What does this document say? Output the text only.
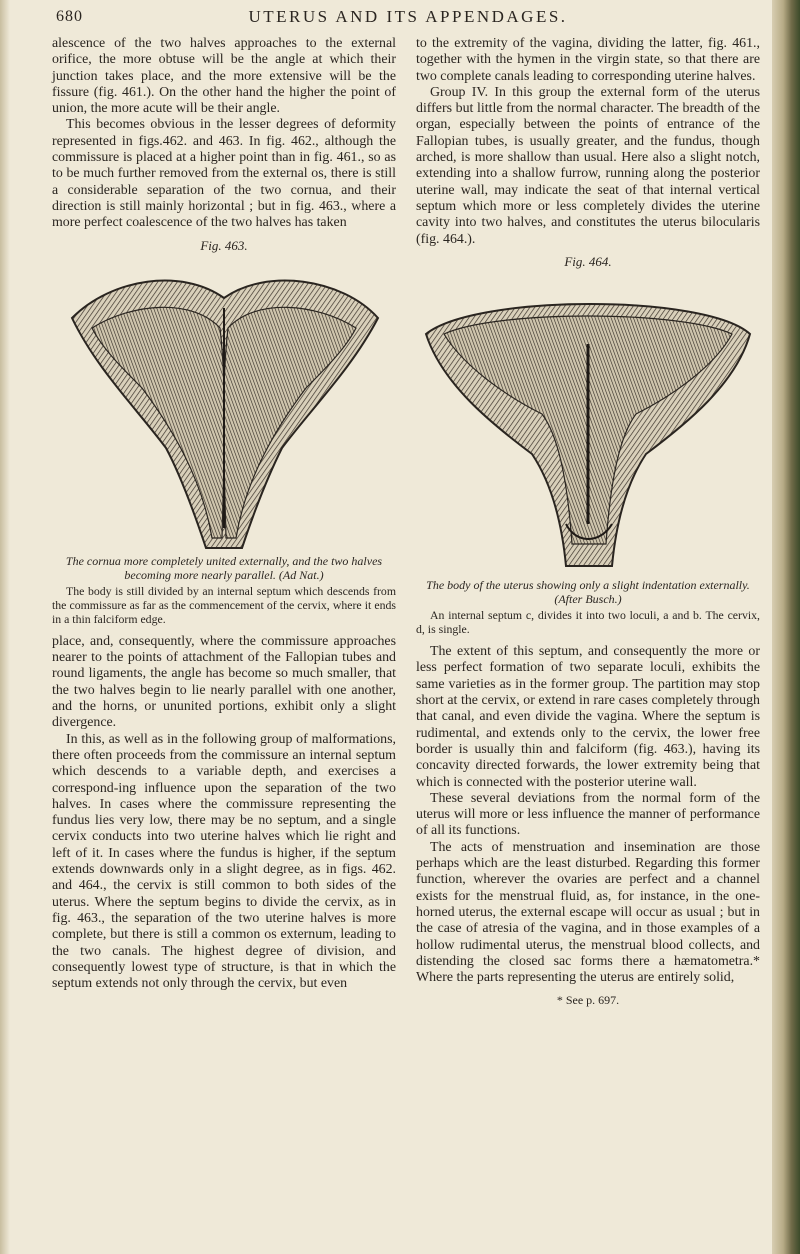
680	UTERUS AND ITS APPENDAGES.

alescence of the two halves approaches to the external orifice, the more obtuse will be the angle at which their junction takes place, and the more extensive will be the fissure (fig. 461.). On the other hand the higher the point of union, the more acute will be their angle.

This becomes obvious in the lesser degrees of deformity represented in figs.462. and 463. In fig. 462., although the commissure is placed at a higher point than in fig. 461., so as to be much further removed from the external os, there is still a considerable separation of the two cornua, and their direction is still mainly horizontal ; but in fig. 463., where a more perfect coalescence of the two halves has taken

Fig. 463.
The cornua more completely united externally, and the two halves becoming more nearly parallel. (Ad Nat.)
The body is still divided by an internal septum which descends from the commissure as far as the commencement of the cervix, where it ends in a thin falciform edge.

place, and, consequently, where the commissure approaches nearer to the points of attachment of the Fallopian tubes and round ligaments, the angle has become so much smaller, that the two halves begin to lie nearly parallel with one another, and the horns, or ununited portions, exhibit only a slight divergence.

In this, as well as in the following group of malformations, there often proceeds from the commissure an internal septum which descends to a variable depth, and exercises a correspond-ing influence upon the separation of the two halves. In cases where the commissure representing the fundus lies very low, there may be no septum, and a single cervix conducts into two uterine halves which lie right and left of it. In cases where the fundus is higher, if the septum extends downwards only in a slight degree, as in figs. 462. and 464., the cervix is still common to both sides of the uterus. Where the septum begins to divide the cervix, as in fig. 463., the separation of the two uterine halves is more complete, but there is still a common os externum, leading to the two canals. The highest degree of division, and consequently lowest type of structure, is that in which the septum extends not only through the cervix, but even

to the extremity of the vagina, dividing the latter, fig. 461., together with the hymen in the virgin state, so that there are two complete canals leading to corresponding uterine halves.

Group IV. In this group the external form of the uterus differs but little from the normal character. The breadth of the organ, especially between the points of entrance of the Fallopian tubes, is usually greater, and the fundus, though arched, is more shallow than usual. Here also a slight notch, extending into a shallow furrow, running along the posterior uterine wall, may indicate the seat of that internal vertical septum which more or less completely divides the uterine cavity into two halves, and constitutes the uterus bilocularis (fig. 464.).

Fig. 464.
The body of the uterus showing only a slight indentation externally. (After Busch.)
An internal septum c, divides it into two loculi, a and b. The cervix, d, is single.

The extent of this septum, and consequently the more or less perfect formation of two separate loculi, exhibits the same varieties as in the former group. The partition may stop short at the cervix, or extend in rare cases completely through that canal, and even divide the vagina. Where the septum is rudimental, and extends only to the cervix, the lower free border is usually thin and falciform (fig. 463.), having its concavity directed forwards, the lower extremity being that which is connected with the posterior uterine wall.

These several deviations from the normal form of the uterus will more or less influence the manner of performance of all its functions.

The acts of menstruation and insemination are those perhaps which are the least disturbed. Regarding this former function, wherever the ovaries are perfect and a channel exists for the menstrual fluid, as, for instance, in the one-horned uterus, the external escape will occur as usual ; but in the case of atresia of the vagina, and in those examples of a hollow rudimental uterus, the menstrual blood collects, and distending the closed sac forms there a hæmatometra.* Where the parts representing the uterus are entirely solid,

* See p. 697.
